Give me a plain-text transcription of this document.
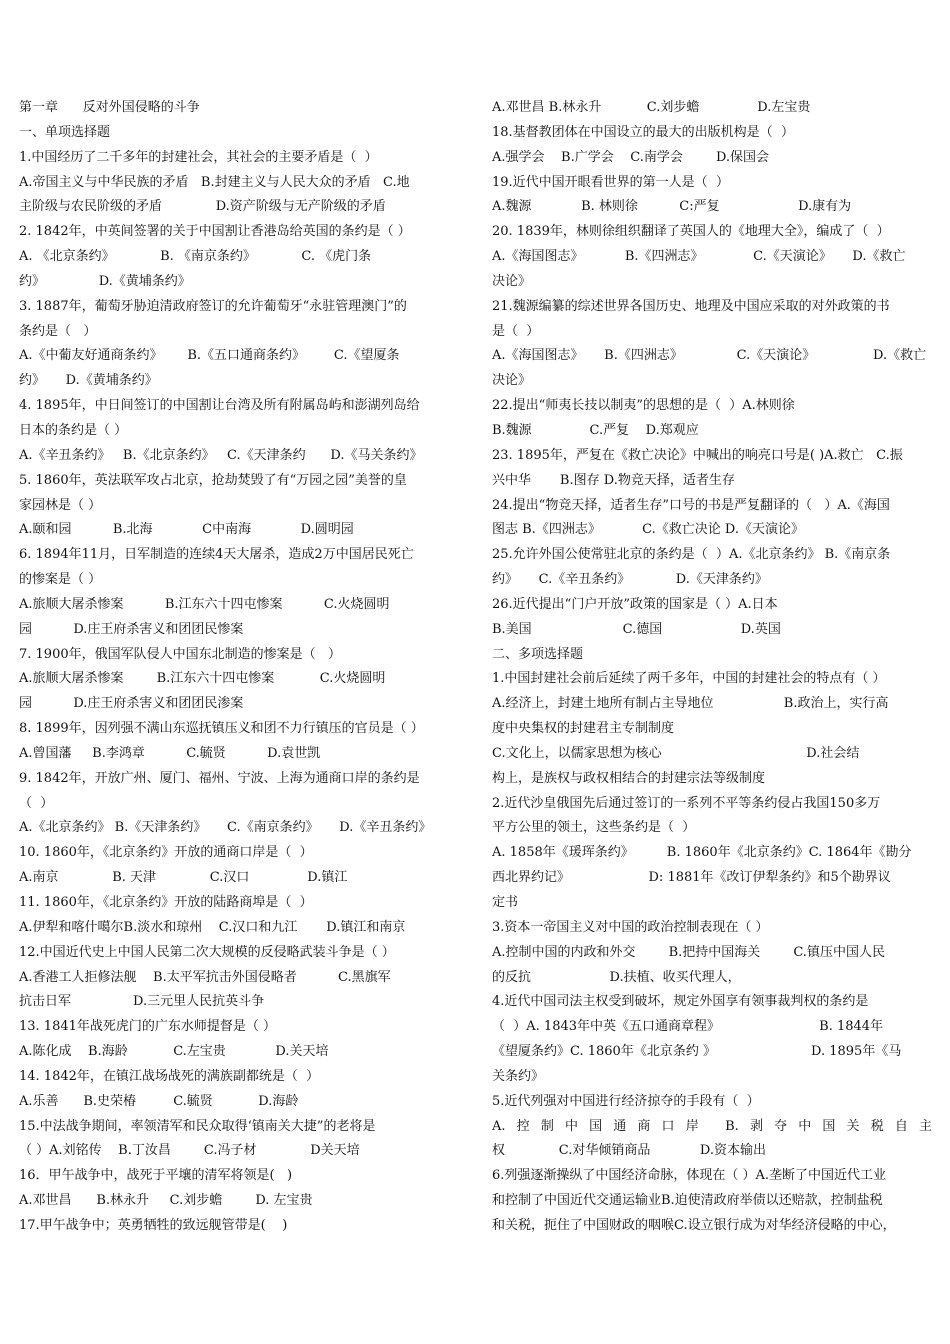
第一章      反对外国侵略的斗争
一、单项选择题
1.中国经历了二千多年的封建社会，其社会的主要矛盾是（  ）
A.帝国主义与中华民族的矛盾   B.封建主义与人民大众的矛盾   C.地
主阶级与农民阶级的矛盾             D.资产阶级与无产阶级的矛盾
2. 1842年，中英间签署的关于中国割让香港岛给英国的条约是（ ）
A. 《北京条约》           B. 《南京条约》           C. 《虎门条
约》             D.《黄埔条约》
3. 1887年，葡萄牙胁迫清政府签订的允许葡萄牙“永驻管理澳门”的
条约是（   ）
A.《中葡友好通商条约》      B.《五口通商条约》       C.《望厦条
约》     D.《黄埔条约》
4. 1895年，中日间签订的中国割让台湾及所有附属岛屿和澎湖列岛给
日本的条约是（ ）
A.《辛丑条约》   B.《北京条约》   C.《天津条约      D.《马关条约》
5. 1860年，英法联军攻占北京，抢劫焚毁了有“万园之园”美誉的皇
家园林是（ ）
A.颐和园          B.北海            C中南海            D.圆明园
6. 1894年11月，日军制造的连续4天大屠杀，造成2万中国居民死亡
的惨案是（ ）
A.旅顺大屠杀惨案          B.江东六十四屯惨案          C.火烧圆明
园          D.庄王府杀害义和团团民惨案
7. 1900年，俄国军队侵人中国东北制造的惨案是（   ）
A.旅顺大屠杀惨案        B.江东六十四屯惨案           C.火烧圆明
园          D.庄王府杀害义和团团民渗案
8. 1899年，因列强不满山东巡抚镇压义和团不力行镇压的官员是（ ）
A.曾国藩     B.李鸿章          C.毓贤          D.袁世凯
9. 1842年，开放广州、厦门、福州、宁波、上海为通商口岸的条约是
（  ）
A.《北京条约》 B.《天津条约》     C.《南京条约》     D.《辛丑条约》
10. 1860年，《北京条约》开放的通商口岸是（  ）
A.南京             B. 天津             C.汉口              D.镇江
11. 1860年，《北京条约》开放的陆路商埠是（  ）
A.伊犁和喀什噶尔B.淡水和琼州    C.汉口和九江       D.镇江和南京
12.中国近代史上中国人民第二次大规模的反侵略武装斗争是（ ）
A.香港工人拒修法舰    B.太平军抗击外国侵略者          C.黑旗军
抗击日军               D.三元里人民抗英斗争
13. 1841年战死虎门的广东水师提督是（ ）
A.陈化成    B.海龄           C.左宝贵            D.关天培
14. 1842年，在镇江战场战死的满族副都统是（  ）
A.乐善      B.史荣椿         C.毓贤           D.海龄
15.中法战争期间，率领清军和民众取得‘镇南关大捷”的老将是
（ ）A.刘铭传    B.丁汝昌        C.冯子材             D关天培
16．甲午战争中，战死于平壤的清军将领是(   )
A.邓世昌      B.林永升     C.刘步蟾        D. 左宝贵
17.甲午战争中；英勇牺牲的致远舰管带是(    )
A.邓世昌 B.林永升           C.刘步蟾              D.左宝贵
18.基督教团体在中国设立的最大的出版机构是（  ）
A.强学会    B.广学会    C.南学会        D.保国会
19.近代中国开眼看世界的第一人是（  ）
A.魏源            B. 林则徐          C:严复                   D.康有为
20. 1839年，林则徐组织翻译了英国人的《地理大全》，编成了（  ）
A.《海国图志》          B.《四洲志》            C.《天演论》     D.《救亡
决论》
21.魏源编纂的综述世界各国历史、地理及中国应采取的对外政策的书
是（  ）
A.《海国图志》     B.《四洲志》             C.《天演论》              D.《救亡
决论》
22.提出“师夷长技以制夷”的思想的是（  ）A.林则徐
B.魏源              C.严复    D.郑观应
23. 1895年，严复在《救亡决论》中喊出的响亮口号是( )A.救亡   C.振
兴中华       B.图存 D.物竞天择，适者生存
24.提出“物竞天择，适者生存”口号的书是严复翻译的（   ）A.《海国
图志 B.《四洲志》          C.《救亡决论 D.《天演论》
25.允许外国公使常驻北京的条约是（  ）A.《北京条约》 B.《南京条
约》     C.《辛丑条约》           D.《天津条约》
26.近代提出“门户开放”政策的国家是（ ）A.日本
B.美国                      C.德国                   D.英国
二、多项选择题
1.中国封建社会前后延续了两千多年，中国的封建社会的特点有（ ）
A.经济上，封建土地所有制占主导地位                 B.政治上，实行高
度中央集权的封建君主专制制度
C.文化上，以儒家思想为核心                                   D.社会结
构上，是族权与政权相结合的封建宗法等级制度
2.近代沙皇俄国先后通过签订的一系列不平等条约侵占我国150多万
平方公里的领土，这些条约是（  ）
A. 1858年《瑗珲条约》        B. 1860年《北京条约》C. 1864年《勘分
西北界约记》                   D: 1881年《改订伊犁条约》和5个勘界议
定书
3.资本一帝国主义对中国的政治控制表现在（ ）
A.控制中国的内政和外交        B.把持中国海关        C.镇压中国人民
的反抗                   D.扶植、收买代理人，
4.近代中国司法主权受到破坏，规定外国享有领事裁判权的条约是
（  ）A. 1843年中英《五口通商章程》                        B. 1844年
《望厦条约》C. 1860年《北京条约 》                       D. 1895年《马
关条约》
5.近代列强对中国进行经济掠夺的手段有（  ）
A.控制中国通商口岸 B.剥夺中国关税自主
权             C.对华倾销商品            D.资本输出
6.列强逐渐操纵了中国经济命脉，体现在（ ）A.垄断了中国近代工业
和控制了中国近代交通运输业B.迫使清政府举债以还赔款，控制盐税
和关税，扼住了中国财政的咽喉C.设立银行成为对华经济侵略的中心，
